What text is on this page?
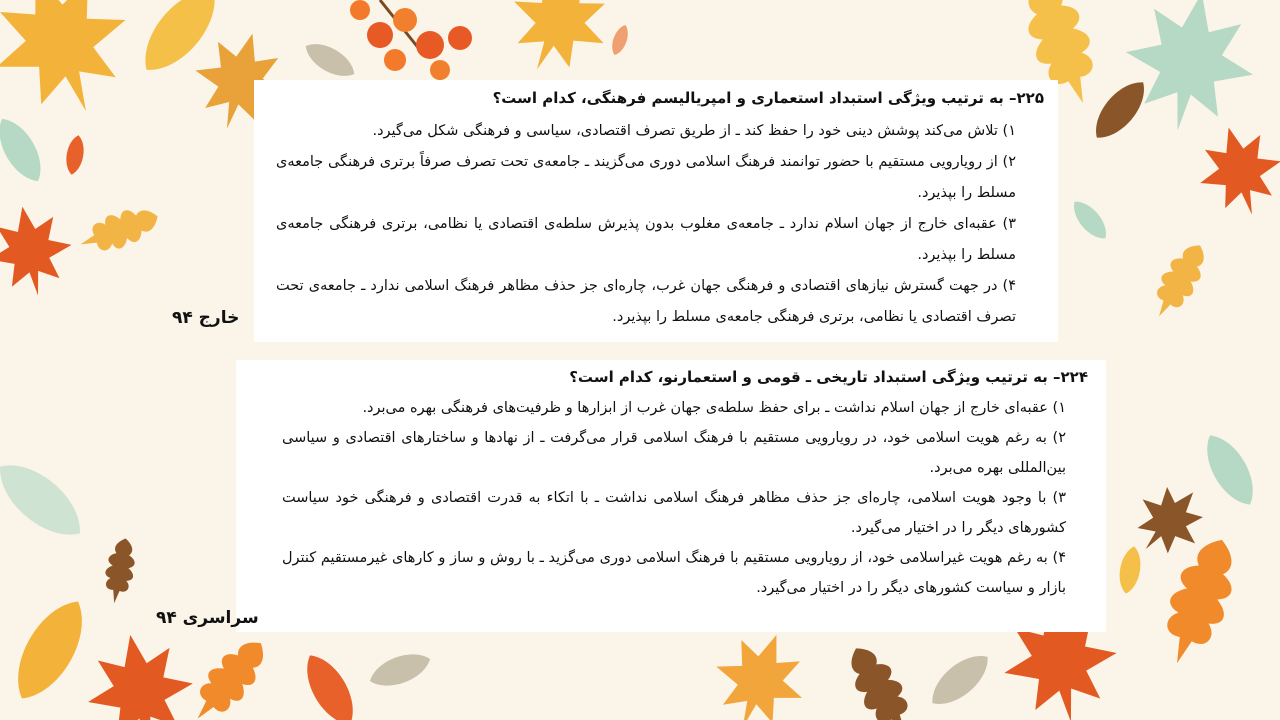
۲۲۵– به ترتیب ویژگی استبداد استعماری و امپریالیسم فرهنگی، کدام است؟

۱) تلاش می‌کند پوشش دینی خود را حفظ کند ـ از طریق تصرف اقتصادی، سیاسی و فرهنگی شکل می‌گیرد.

۲) از رویارویی مستقیم با حضور توانمند فرهنگ اسلامی دوری می‌گزیند ـ جامعه‌ی تحت تصرف صرفاً برتری فرهنگی جامعه‌ی مسلط را بپذیرد.

۳) عقبه‌ای خارج از جهان اسلام ندارد ـ جامعه‌ی مغلوب بدون پذیرش سلطه‌ی اقتصادی یا نظامی، برتری فرهنگی جامعه‌ی مسلط را بپذیرد.

۴) در جهت گسترش نیازهای اقتصادی و فرهنگی جهان غرب، چاره‌ای جز حذف مظاهر فرهنگ اسلامی ندارد ـ جامعه‌ی تحت تصرف اقتصادی یا نظامی، برتری فرهنگی جامعه‌ی مسلط را بپذیرد.

خارج ۹۴

۲۲۴– به ترتیب ویژگی استبداد تاریخی ـ قومی و استعمارنو، کدام است؟

۱) عقبه‌ای خارج از جهان اسلام نداشت ـ برای حفظ سلطه‌ی جهان غرب از ابزارها و ظرفیت‌های فرهنگی بهره می‌برد.

۲) به رغم هویت اسلامی خود، در رویارویی مستقیم با فرهنگ اسلامی قرار می‌گرفت ـ از نهادها و ساختارهای اقتصادی و سیاسی بین‌المللی بهره می‌برد.

۳) با وجود هویت اسلامی، چاره‌ای جز حذف مظاهر فرهنگ اسلامی نداشت ـ با اتکاء به قدرت اقتصادی و فرهنگی خود سیاست کشورهای دیگر را در اختیار می‌گیرد.

۴) به رغم هویت غیراسلامی خود، از رویارویی مستقیم با فرهنگ اسلامی دوری می‌گزید ـ با روش و ساز و کارهای غیرمستقیم کنترل بازار و سیاست کشورهای دیگر را در اختیار می‌گیرد.

سراسری ۹۴
